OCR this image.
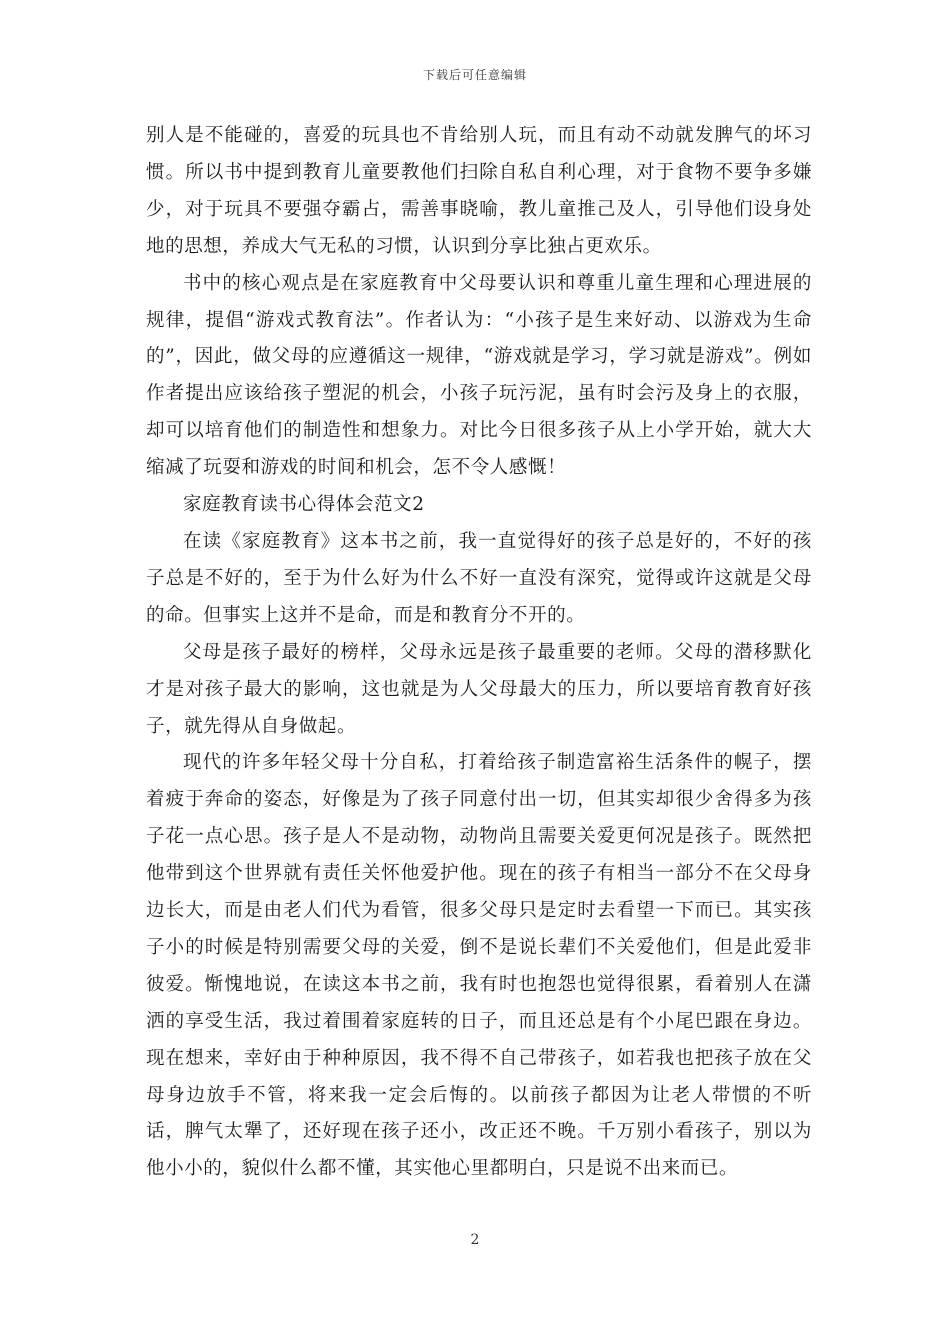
下载后可任意编辑

别人是不能碰的，喜爱的玩具也不肯给别人玩，而且有动不动就发脾气的坏习惯。所以书中提到教育儿童要教他们扫除自私自利心理，对于食物不要争多嫌少，对于玩具不要强夺霸占，需善事晓喻，教儿童推己及人，引导他们设身处地的思想，养成大气无私的习惯，认识到分享比独占更欢乐。

书中的核心观点是在家庭教育中父母要认识和尊重儿童生理和心理进展的规律，提倡“游戏式教育法”。作者认为：“小孩子是生来好动、以游戏为生命的”，因此，做父母的应遵循这一规律，“游戏就是学习，学习就是游戏”。例如作者提出应该给孩子塑泥的机会，小孩子玩污泥，虽有时会污及身上的衣服，却可以培育他们的制造性和想象力。对比今日很多孩子从上小学开始，就大大缩减了玩耍和游戏的时间和机会，怎不令人感慨！

家庭教育读书心得体会范文2

在读《家庭教育》这本书之前，我一直觉得好的孩子总是好的，不好的孩子总是不好的，至于为什么好为什么不好一直没有深究，觉得或许这就是父母的命。但事实上这并不是命，而是和教育分不开的。

父母是孩子最好的榜样，父母永远是孩子最重要的老师。父母的潜移默化才是对孩子最大的影响，这也就是为人父母最大的压力，所以要培育教育好孩子，就先得从自身做起。

现代的许多年轻父母十分自私，打着给孩子制造富裕生活条件的幌子，摆着疲于奔命的姿态，好像是为了孩子同意付出一切，但其实却很少舍得多为孩子花一点心思。孩子是人不是动物，动物尚且需要关爱更何况是孩子。既然把他带到这个世界就有责任关怀他爱护他。现在的孩子有相当一部分不在父母身边长大，而是由老人们代为看管，很多父母只是定时去看望一下而已。其实孩子小的时候是特别需要父母的关爱，倒不是说长辈们不关爱他们，但是此爱非彼爱。惭愧地说，在读这本书之前，我有时也抱怨也觉得很累，看着别人在潇洒的享受生活，我过着围着家庭转的日子，而且还总是有个小尾巴跟在身边。现在想来，幸好由于种种原因，我不得不自己带孩子，如若我也把孩子放在父母身边放手不管，将来我一定会后悔的。以前孩子都因为让老人带惯的不听话，脾气太犟了，还好现在孩子还小，改正还不晚。千万别小看孩子，别以为他小小的，貌似什么都不懂，其实他心里都明白，只是说不出来而已。

2
